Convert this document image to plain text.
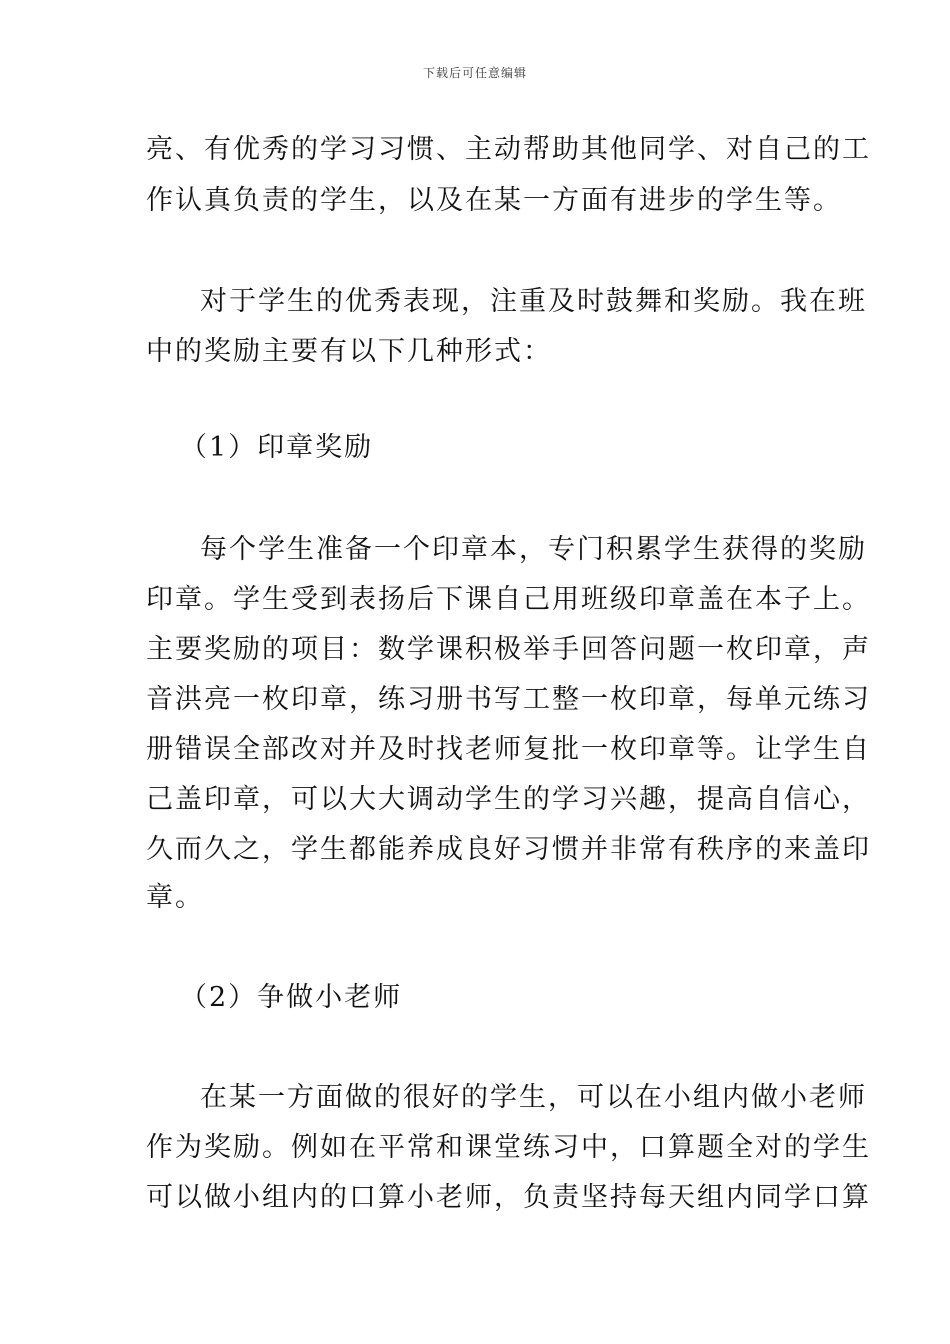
下载后可任意编辑
亮、有优秀的学习习惯、主动帮助其他同学、对自己的工
作认真负责的学生，以及在某一方面有进步的学生等。
对于学生的优秀表现，注重及时鼓舞和奖励。我在班
中的奖励主要有以下几种形式：
（1）印章奖励
每个学生准备一个印章本，专门积累学生获得的奖励
印章。学生受到表扬后下课自己用班级印章盖在本子上。
主要奖励的项目：数学课积极举手回答问题一枚印章，声
音洪亮一枚印章，练习册书写工整一枚印章，每单元练习
册错误全部改对并及时找老师复批一枚印章等。让学生自
己盖印章，可以大大调动学生的学习兴趣，提高自信心，
久而久之，学生都能养成良好习惯并非常有秩序的来盖印
章。
（2）争做小老师
在某一方面做的很好的学生，可以在小组内做小老师
作为奖励。例如在平常和课堂练习中，口算题全对的学生
可以做小组内的口算小老师，负责坚持每天组内同学口算
